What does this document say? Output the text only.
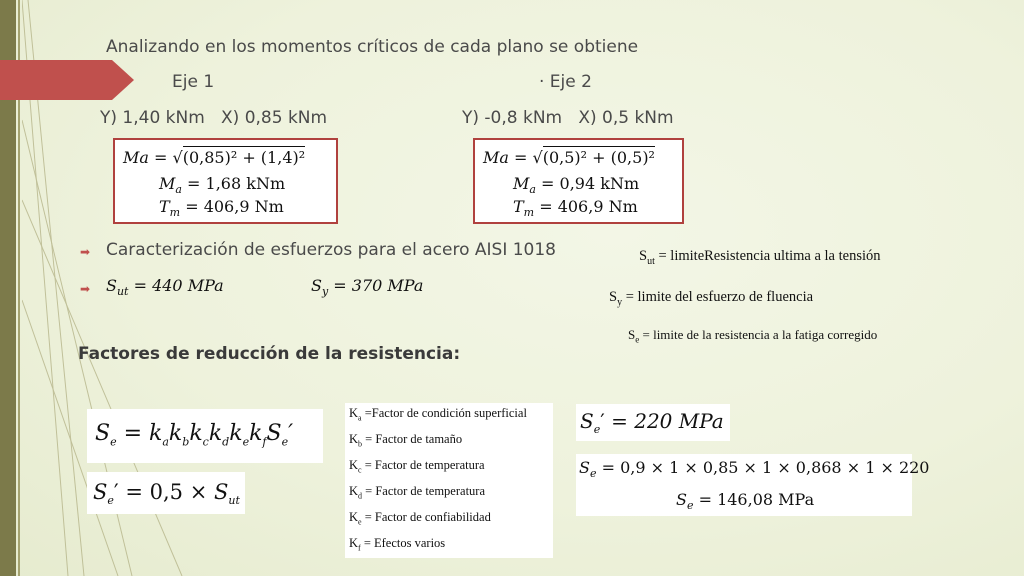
Analizando en los momentos críticos de cada plano se obtiene
Eje 1	· Eje 2
Y) 1,40 kNm   X) 0,85 kNm	Y) -0,8 kNm   X) 0,5 kNm
Ma = √(0,85)² + (1,4)²
$M_a = 1,68$ kNm
$T_m = 406,9$ Nm
Ma = √(0,5)² + (0,5)²
$M_a = 0,94$ kNm
$T_m = 406,9$ Nm
➡ Caracterización de esfuerzos para el acero AISI 1018
➡ $S_{ut} = 440$ MPa	$S_y = 370$ MPa
$S_{ut}$ = limiteResistencia ultima a la tensión
$S_y$ = limite del esfuerzo de fluencia
$S_e$ = limite de la resistencia a la fatiga corregido
Factores de reducción de la resistencia:
$S_e = k_ak_bk_ck_dk_ek_fS_e'$
$S_e' = 0,5 \times S_{ut}$
$K_a$ =Factor de condición superficial
$K_b$ = Factor de tamaño
$K_c$ = Factor de temperatura
$K_d$ = Factor de temperatura
$K_e$ = Factor de confiabilidad
$K_f$ = Efectos varios
$S_e' = 220$ MPa
$S_e = 0,9 \times 1 \times 0,85 \times 1 \times 0,868 \times 1 \times 220$
$S_e = 146,08$ MPa
